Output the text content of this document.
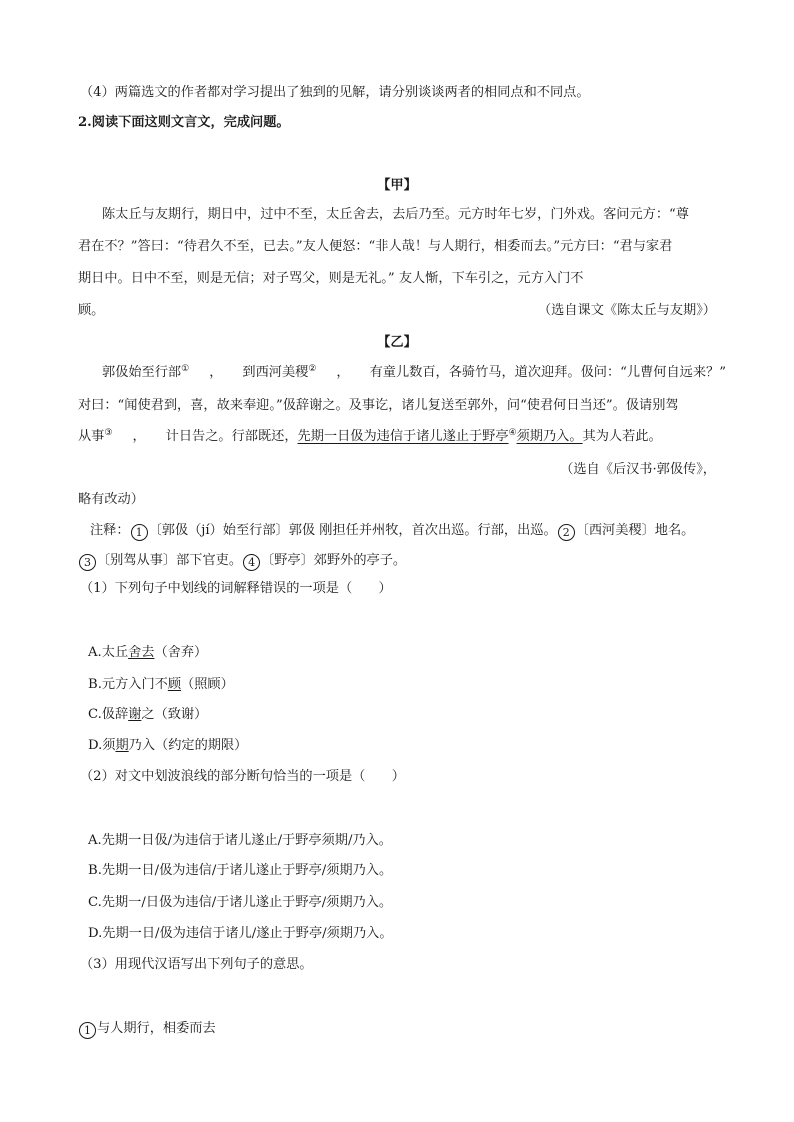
（4）两篇选文的作者都对学习提出了独到的见解，请分别谈谈两者的相同点和不同点。
2.阅读下面这则文言文，完成问题。
【甲】
陈太丘与友期行，期日中，过中不至，太丘舍去，去后乃至。元方时年七岁，门外戏。客问元方：“尊
君在不？”答曰：“待君久不至，已去。”友人便怒：“非人哉！与人期行，相委而去。”元方曰：“君与家君
期日中。日中不至，则是无信；对子骂父，则是无礼。” 友人惭，下车引之，元方入门不
顾。	（选自课文《陈太丘与友期》）
【乙】
郭伋始至行部① ， 到西河美稷② ， 有童儿数百，各骑竹马，道次迎拜。伋问：“儿曹何自远来？”
对曰：“闻使君到，喜，故来奉迎。”伋辞谢之。及事讫，诸儿复送至郭外，问“使君何日当还”。伋请别驾
从事③ ， 计日告之。行部既还，先期一日伋为违信于诸儿遂止于野亭④须期乃入。其为人若此。
（选自《后汉书·郭伋传》，
略有改动）
注释： 1 〔郭伋（jí）始至行部〕郭伋 刚担任并州牧，首次出巡。行部，出巡。 2 〔西河美稷〕地名。
3 〔别驾从事〕部下官吏。 4 〔野亭〕郊野外的亭子。
（1）下列句子中划线的词解释错误的一项是（　　）
A.太丘舍去（舍弃）
B.元方入门不顾（照顾）
C.伋辞谢之（致谢）
D.须期乃入（约定的期限）
（2）对文中划波浪线的部分断句恰当的一项是（　　）
A.先期一日伋/为违信于诸儿遂止/于野亭须期/乃入。
B.先期一日/伋为违信/于诸儿遂止于野亭/须期乃入。
C.先期一/日伋为违信/于诸儿遂止于野亭/须期乃入。
D.先期一日/伋为违信于诸儿/遂止于野亭/须期乃入。
（3）用现代汉语写出下列句子的意思。
1 与人期行，相委而去
